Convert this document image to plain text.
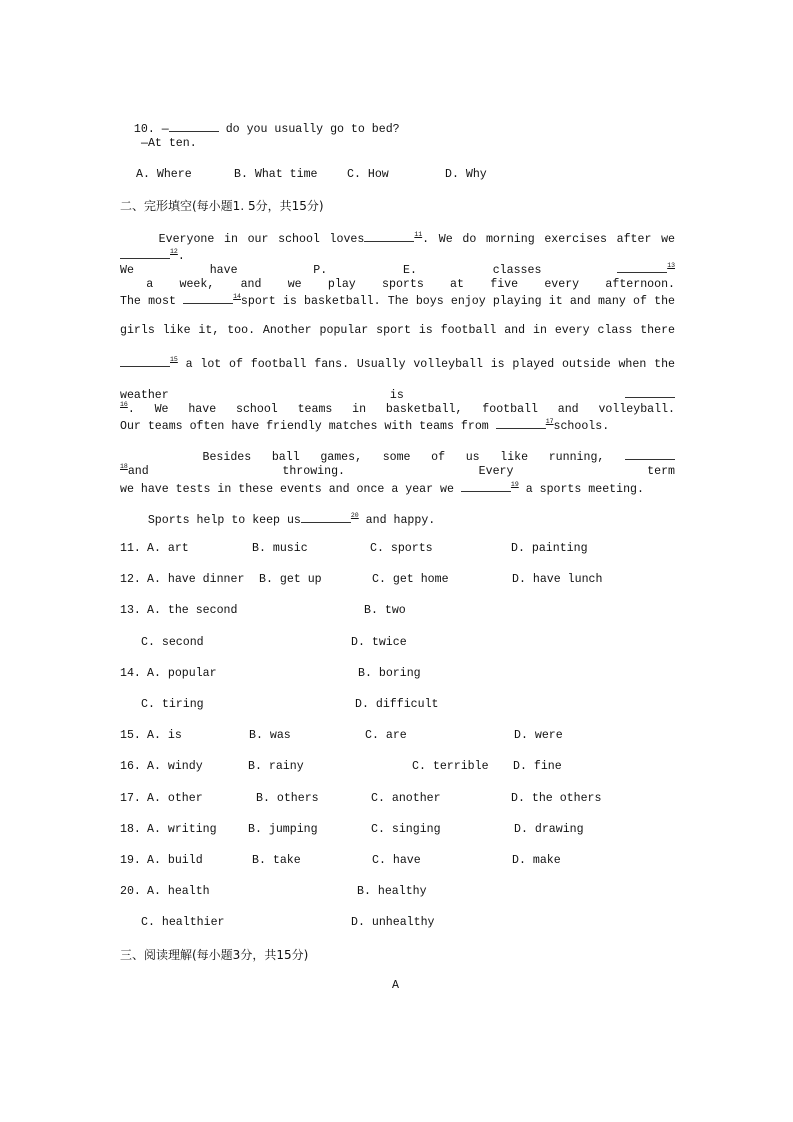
10. —	do you usually go to bed?

—At ten.
A. Where	B. What time	C. How	D. Why
二、完形填空(每小题1. 5分，共15分)
Everyone in our school loves	$^{11}$. We do morning exercises after $we^{12}$.
We have P. E. classes	$^{13}$ a week, and we play sports at five every afternoon.
The most	$^{14}$sport is basketball. The boys enjoy playing it and many of the
girls like it, too. Another popular sport is football and in every class there
$^{15}$ a lot of football fans. Usually volleyball is played outside when the
weather is $^{16}$. We have school teams in basketball, football and volleyball.
Our teams often have friendly matches with teams from	$^{17}$schools.
Besides ball games, some of us like running, $^{18}$and throwing. Every term
we have tests in these events and once a year we	$^{19}$ a sports meeting.
Sports help to keep us	$^{20}$ and happy.
11. A. art	B. music	C. sports	D. painting
12. A. have dinner B. get up	C. get home	D. have lunch
13. A. the second	B. two
C. second	D. twice
14. A. popular	B. boring
C. tiring	D. difficult
15. A. is	B. was	C. are	D. were
16. A. windy	B. rainy	C. terrible D. fine
17. A. other	B. others	C. another	D. the others
18. A. writing	B. jumping	C. singing	D. drawing
19. A. build	B. take	C. have	D. make
20. A. health	B. healthy
C. healthier	D. unhealthy
三、阅读理解(每小题3分，共15分)
A
